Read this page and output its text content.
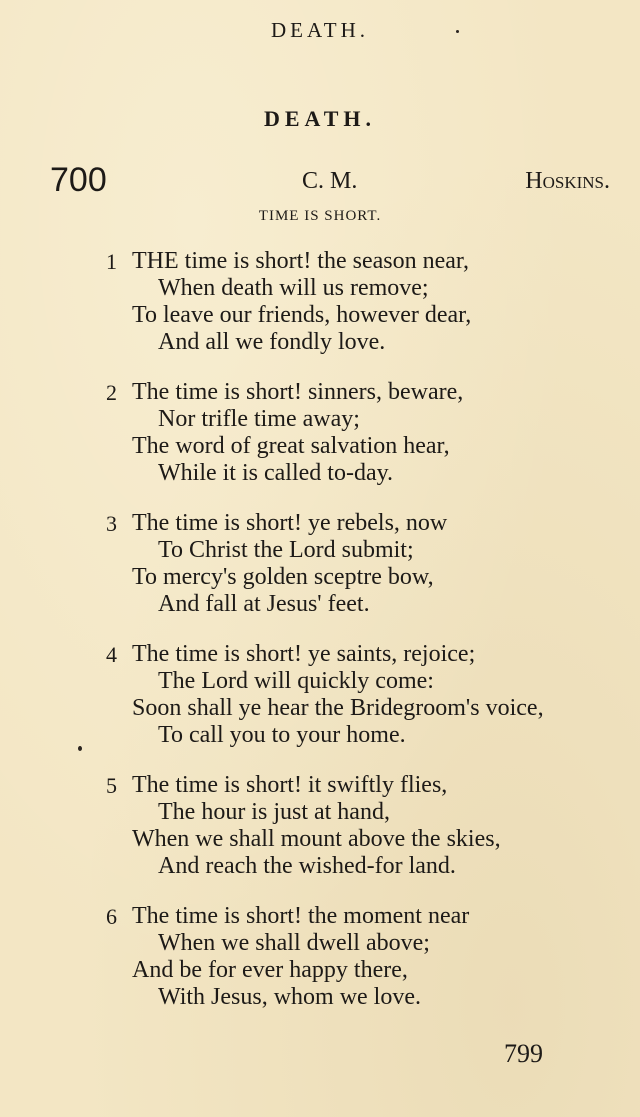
DEATH.
DEATH.
700	C. M.	Hoskins.
TIME IS SHORT.
1 THE time is short! the season near,
When death will us remove;
To leave our friends, however dear,
And all we fondly love.
2 The time is short! sinners, beware,
Nor trifle time away;
The word of great salvation hear,
While it is called to-day.
3 The time is short! ye rebels, now
To Christ the Lord submit;
To mercy's golden sceptre bow,
And fall at Jesus' feet.
4 The time is short! ye saints, rejoice;
The Lord will quickly come:
Soon shall ye hear the Bridegroom's voice,
To call you to your home.
5 The time is short! it swiftly flies,
The hour is just at hand,
When we shall mount above the skies,
And reach the wished-for land.
6 The time is short! the moment near
When we shall dwell above;
And be for ever happy there,
With Jesus, whom we love.
799
